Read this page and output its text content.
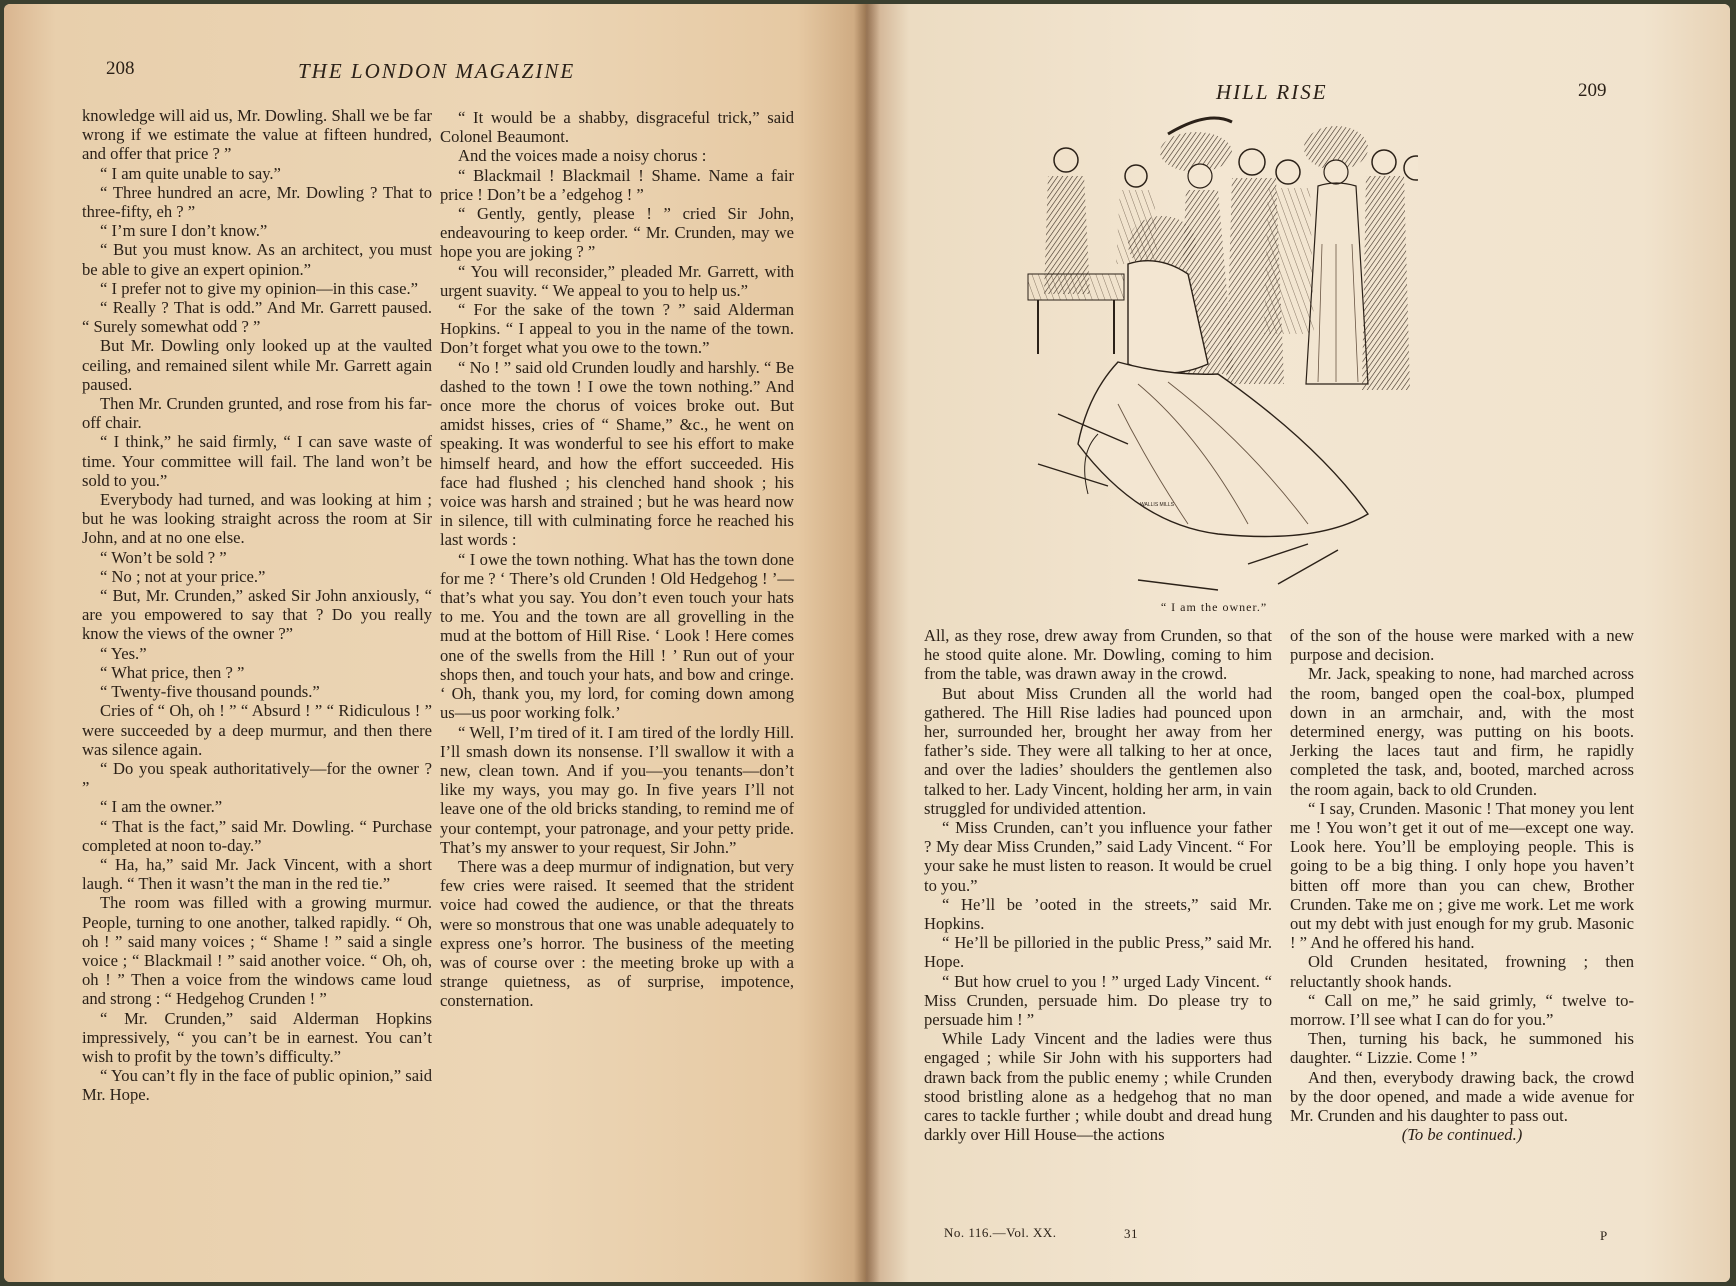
208	THE LONDON MAGAZINE

knowledge will aid us, Mr. Dowling. Shall we be far wrong if we estimate the value at fifteen hundred, and offer that price ? ”

“ I am quite unable to say.”

“ Three hundred an acre, Mr. Dowling ? That to three-fifty, eh ? ”

“ I’m sure I don’t know.”

“ But you must know. As an architect, you must be able to give an expert opinion.”

“ I prefer not to give my opinion—in this case.”

“ Really ? That is odd.” And Mr. Garrett paused. “ Surely somewhat odd ? ”

But Mr. Dowling only looked up at the vaulted ceiling, and remained silent while Mr. Garrett again paused.

Then Mr. Crunden grunted, and rose from his far-off chair.

“ I think,” he said firmly, “ I can save waste of time. Your committee will fail. The land won’t be sold to you.”

Everybody had turned, and was looking at him ; but he was looking straight across the room at Sir John, and at no one else.

“ Won’t be sold ? ”

“ No ; not at your price.”

“ But, Mr. Crunden,” asked Sir John anxiously, “ are you empowered to say that ? Do you really know the views of the owner ?”

“ Yes.”

“ What price, then ? ”

“ Twenty-five thousand pounds.”

Cries of “ Oh, oh ! ” “ Absurd ! ” “ Ridiculous ! ” were succeeded by a deep murmur, and then there was silence again.

“ Do you speak authoritatively—for the owner ? ”

“ I am the owner.”

“ That is the fact,” said Mr. Dowling. “ Purchase completed at noon to-day.”

“ Ha, ha,” said Mr. Jack Vincent, with a short laugh. “ Then it wasn’t the man in the red tie.”

The room was filled with a growing murmur. People, turning to one another, talked rapidly. “ Oh, oh ! ” said many voices ; “ Shame ! ” said a single voice ; “ Blackmail ! ” said another voice. “ Oh, oh, oh ! ” Then a voice from the windows came loud and strong : “ Hedgehog Crunden ! ”

“ Mr. Crunden,” said Alderman Hopkins impressively, “ you can’t be in earnest. You can’t wish to profit by the town’s difficulty.”

“ You can’t fly in the face of public opinion,” said Mr. Hope.

“ It would be a shabby, disgraceful trick,” said Colonel Beaumont.

And the voices made a noisy chorus :

“ Blackmail ! Blackmail ! Shame. Name a fair price ! Don’t be a ’edgehog ! ”

“ Gently, gently, please ! ” cried Sir John, endeavouring to keep order. “ Mr. Crunden, may we hope you are joking ? ”

“ You will reconsider,” pleaded Mr. Garrett, with urgent suavity. “ We appeal to you to help us.”

“ For the sake of the town ? ” said Alderman Hopkins. “ I appeal to you in the name of the town. Don’t forget what you owe to the town.”

“ No ! ” said old Crunden loudly and harshly. “ Be dashed to the town ! I owe the town nothing.” And once more the chorus of voices broke out. But amidst hisses, cries of “ Shame,” &c., he went on speaking. It was wonderful to see his effort to make himself heard, and how the effort succeeded. His face had flushed ; his clenched hand shook ; his voice was harsh and strained ; but he was heard now in silence, till with culminating force he reached his last words :

“ I owe the town nothing. What has the town done for me ? ‘ There’s old Crunden ! Old Hedgehog ! ’—that’s what you say. You don’t even touch your hats to me. You and the town are all grovelling in the mud at the bottom of Hill Rise. ‘ Look ! Here comes one of the swells from the Hill ! ’ Run out of your shops then, and touch your hats, and bow and cringe. ‘ Oh, thank you, my lord, for coming down among us—us poor working folk.’

“ Well, I’m tired of it. I am tired of the lordly Hill. I’ll smash down its nonsense. I’ll swallow it with a new, clean town. And if you—you tenants—don’t like my ways, you may go. In five years I’ll not leave one of the old bricks standing, to remind me of your contempt, your patronage, and your petty pride. That’s my answer to your request, Sir John.”

There was a deep murmur of indignation, but very few cries were raised. It seemed that the strident voice had cowed the audience, or that the threats were so monstrous that one was unable adequately to express one’s horror. The business of the meeting was of course over : the meeting broke up with a strange quietness, as of surprise, impotence, consternation.

HILL RISE	209
WALLIS MILLS
“ I am the owner.”

All, as they rose, drew away from Crunden, so that he stood quite alone. Mr. Dowling, coming to him from the table, was drawn away in the crowd.

But about Miss Crunden all the world had gathered. The Hill Rise ladies had pounced upon her, surrounded her, brought her away from her father’s side. They were all talking to her at once, and over the ladies’ shoulders the gentlemen also talked to her. Lady Vincent, holding her arm, in vain struggled for undivided attention.

“ Miss Crunden, can’t you influence your father ? My dear Miss Crunden,” said Lady Vincent. “ For your sake he must listen to reason. It would be cruel to you.”

“ He’ll be ’ooted in the streets,” said Mr. Hopkins.

“ He’ll be pilloried in the public Press,” said Mr. Hope.

“ But how cruel to you ! ” urged Lady Vincent. “ Miss Crunden, persuade him. Do please try to persuade him ! ”

While Lady Vincent and the ladies were thus engaged ; while Sir John with his supporters had drawn back from the public enemy ; while Crunden stood bristling alone as a hedgehog that no man cares to tackle further ; while doubt and dread hung darkly over Hill House—the actions

of the son of the house were marked with a new purpose and decision.

Mr. Jack, speaking to none, had marched across the room, banged open the coal-box, plumped down in an armchair, and, with the most determined energy, was putting on his boots. Jerking the laces taut and firm, he rapidly completed the task, and, booted, marched across the room again, back to old Crunden.

“ I say, Crunden. Masonic ! That money you lent me ! You won’t get it out of me—except one way. Look here. You’ll be employing people. This is going to be a big thing. I only hope you haven’t bitten off more than you can chew, Brother Crunden. Take me on ; give me work. Let me work out my debt with just enough for my grub. Masonic ! ” And he offered his hand.

Old Crunden hesitated, frowning ; then reluctantly shook hands.

“ Call on me,” he said grimly, “ twelve to-morrow. I’ll see what I can do for you.”

Then, turning his back, he summoned his daughter. “ Lizzie. Come ! ”

And then, everybody drawing back, the crowd by the door opened, and made a wide avenue for Mr. Crunden and his daughter to pass out.

(To be continued.)

No. 116.—Vol. XX.	31	P
